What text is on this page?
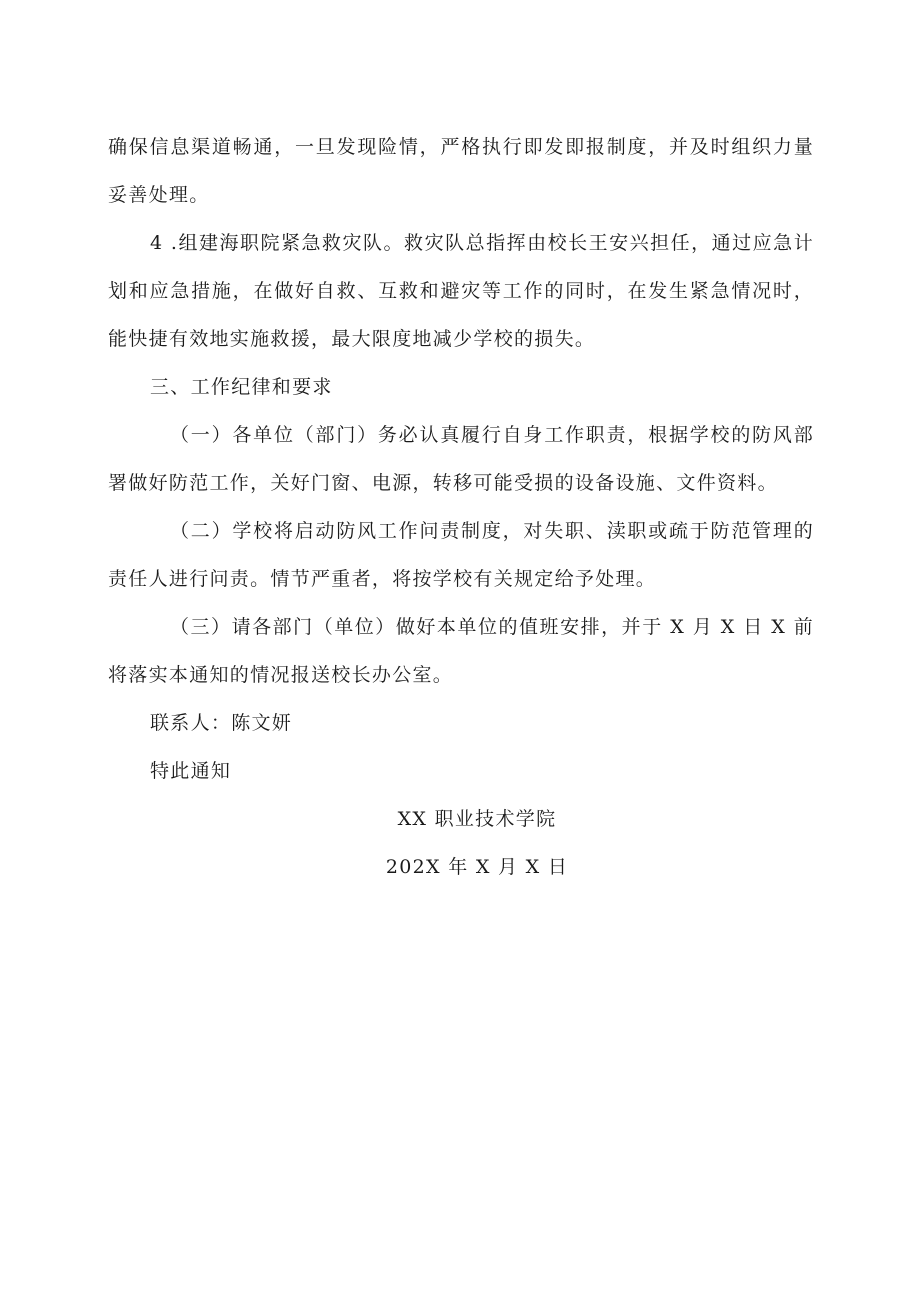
确保信息渠道畅通，一旦发现险情，严格执行即发即报制度，并及时组织力量妥善处理。

4 .组建海职院紧急救灾队。救灾队总指挥由校长王安兴担任，通过应急计划和应急措施，在做好自救、互救和避灾等工作的同时，在发生紧急情况时，能快捷有效地实施救援，最大限度地减少学校的损失。

三、工作纪律和要求

（一）各单位（部门）务必认真履行自身工作职责，根据学校的防风部署做好防范工作，关好门窗、电源，转移可能受损的设备设施、文件资料。

（二）学校将启动防风工作问责制度，对失职、渎职或疏于防范管理的责任人进行问责。情节严重者，将按学校有关规定给予处理。

（三）请各部门（单位）做好本单位的值班安排，并于 X 月 X 日 X 前将落实本通知的情况报送校长办公室。

联系人：陈文妍

特此通知

XX 职业技术学院

202X 年 X 月 X 日
